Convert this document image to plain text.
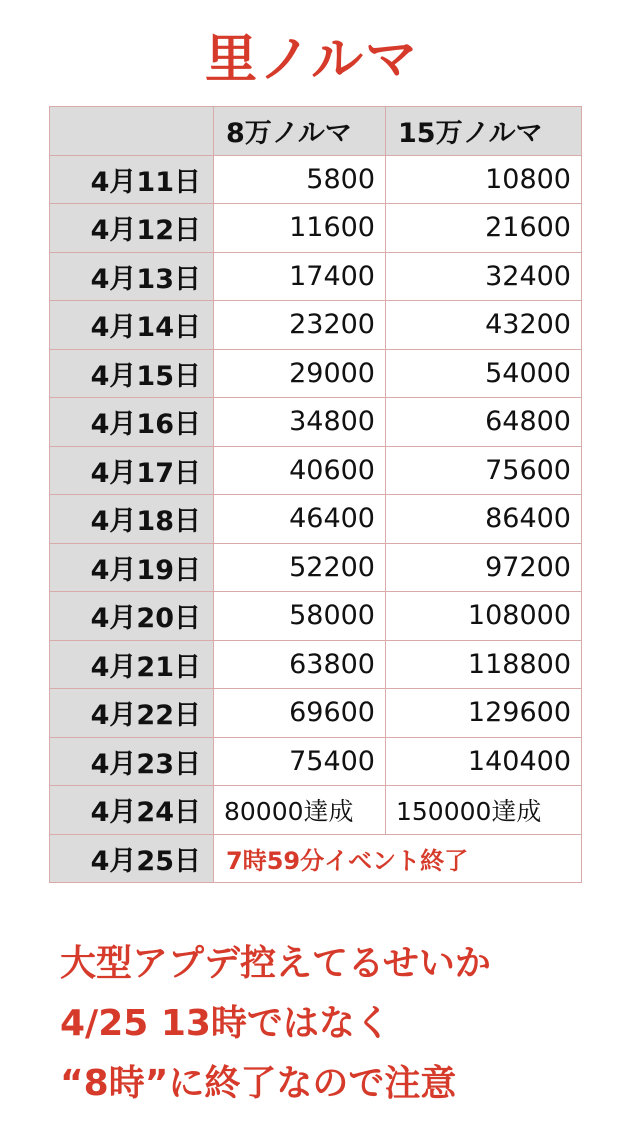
里ノルマ
	8万ノルマ	15万ノルマ
4月11日	5800	10800
4月12日	11600	21600
4月13日	17400	32400
4月14日	23200	43200
4月15日	29000	54000
4月16日	34800	64800
4月17日	40600	75600
4月18日	46400	86400
4月19日	52200	97200
4月20日	58000	108000
4月21日	63800	118800
4月22日	69600	129600
4月23日	75400	140400
4月24日	80000達成	150000達成
4月25日	7時59分イベント終了	
大型アプデ控えてるせいか
4/25 13時ではなく
“8時”に終了なので注意
